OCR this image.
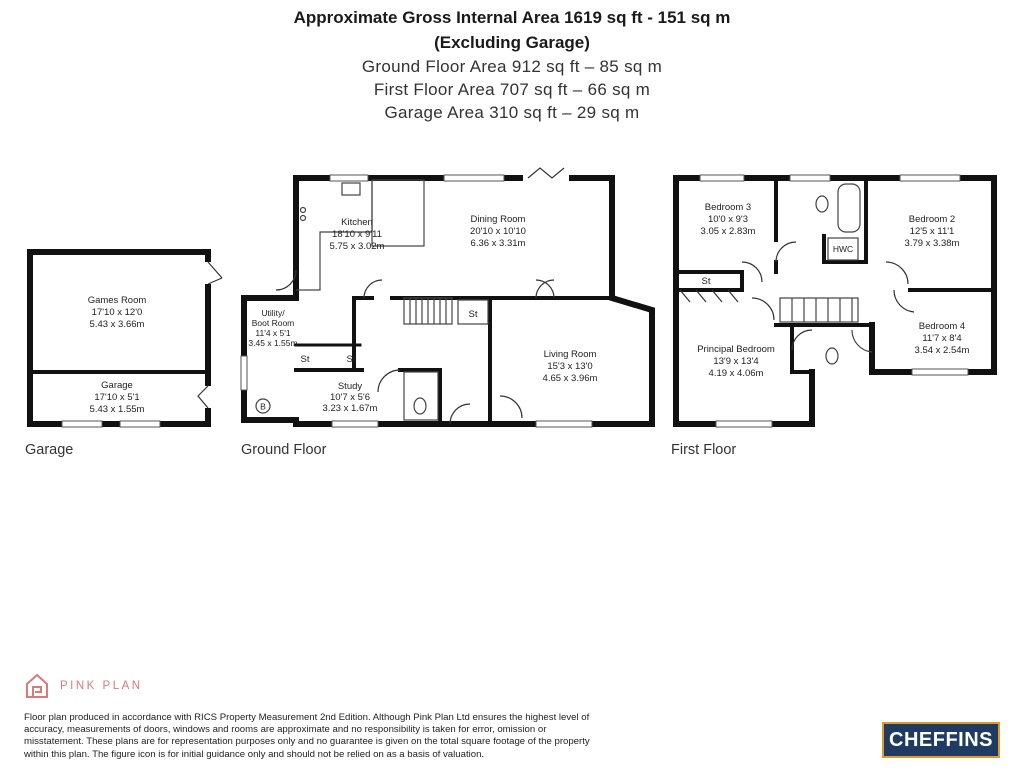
Approximate Gross Internal Area 1619 sq ft - 151 sq m
(Excluding Garage)
Ground Floor Area 912 sq ft – 85 sq m
First Floor Area 707 sq ft – 66 sq m
Garage Area 310 sq ft – 29 sq m
Games Room
17'10 x 12'0
5.43 x 3.66m
Garage
17'10 x 5'1
5.43 x 1.55m
Kitchen
18'10 x 9'11
5.75 x 3.02m
Dining Room
20'10 x 10'10
6.36 x 3.31m
Living Room
15'3 x 13'0
4.65 x 3.96m
Study
10'7 x 5'6
3.23 x 1.67m
Utility/
Boot Room
11'4 x 5'1
3.45 x 1.55m
St	St
St
B
HWC
St
Bedroom 3
10'0 x 9'3
3.05 x 2.83m
Bedroom 2
12'5 x 11'1
3.79 x 3.38m
Bedroom 4
11'7 x 8'4
3.54 x 2.54m
Principal Bedroom
13'9 x 13'4
4.19 x 4.06m
Garage	Ground Floor	First Floor
PINK PLAN
Floor plan produced in accordance with RICS Property Measurement 2nd Edition. Although Pink Plan Ltd ensures the highest level of accuracy, measurements of doors, windows and rooms are approximate and no responsibility is taken for error, omission or misstatement. These plans are for representation purposes only and no guarantee is given on the total square footage of the property within this plan. The figure icon is for initial guidance only and should not be relied on as a basis of valuation.
CHEFFINS
